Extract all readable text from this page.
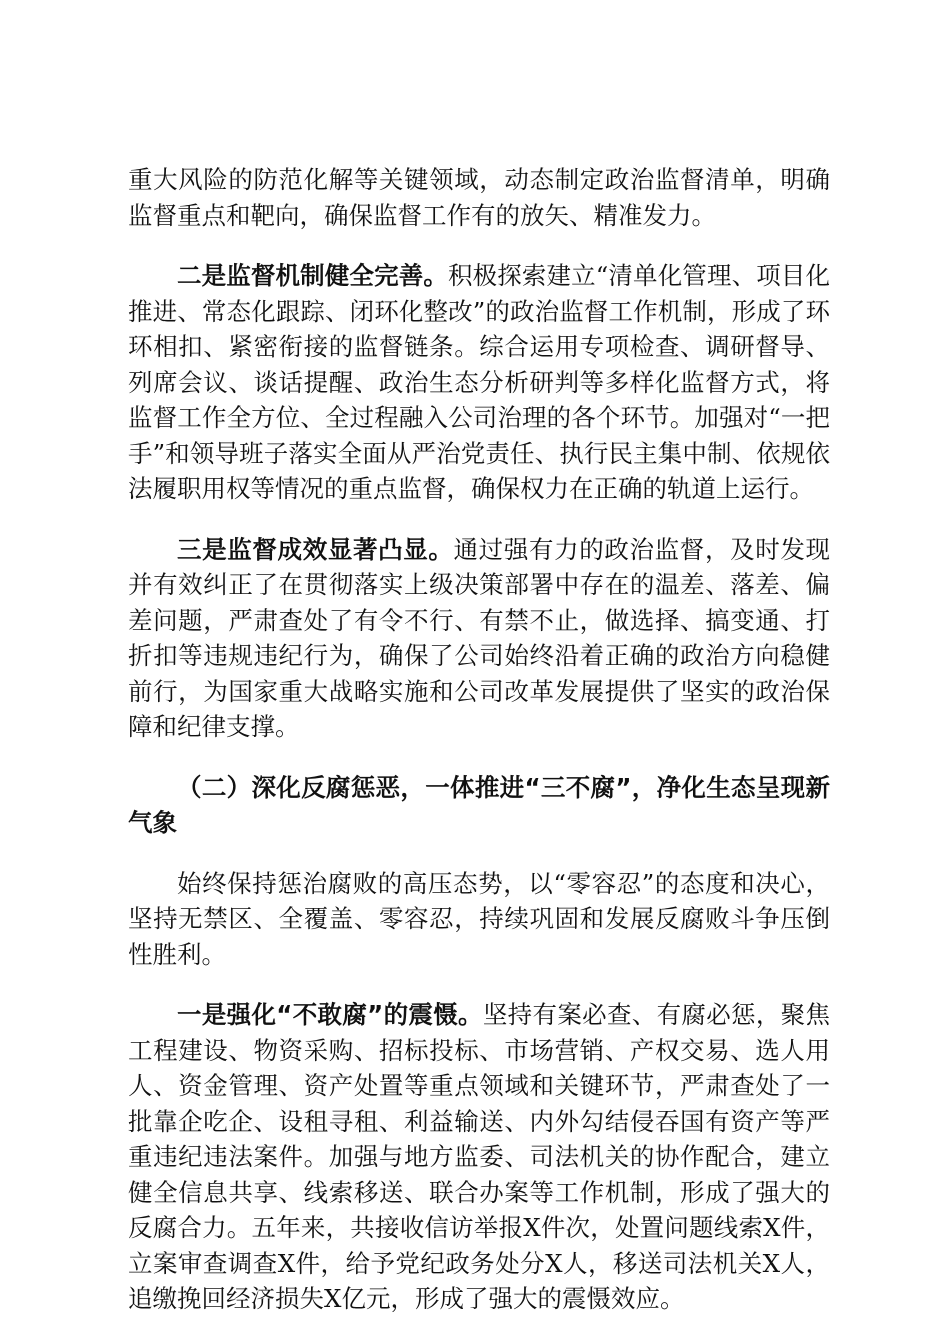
重大风险的防范化解等关键领域，动态制定政治监督清单，明确监督重点和靶向，确保监督工作有的放矢、精准发力。

二是监督机制健全完善。积极探索建立“清单化管理、项目化推进、常态化跟踪、闭环化整改”的政治监督工作机制，形成了环环相扣、紧密衔接的监督链条。综合运用专项检查、调研督导、列席会议、谈话提醒、政治生态分析研判等多样化监督方式，将监督工作全方位、全过程融入公司治理的各个环节。加强对“一把手”和领导班子落实全面从严治党责任、执行民主集中制、依规依法履职用权等情况的重点监督，确保权力在正确的轨道上运行。

三是监督成效显著凸显。通过强有力的政治监督，及时发现并有效纠正了在贯彻落实上级决策部署中存在的温差、落差、偏差问题，严肃查处了有令不行、有禁不止，做选择、搞变通、打折扣等违规违纪行为，确保了公司始终沿着正确的政治方向稳健前行，为国家重大战略实施和公司改革发展提供了坚实的政治保障和纪律支撑。

（二）深化反腐惩恶，一体推进“三不腐”，净化生态呈现新气象

始终保持惩治腐败的高压态势，以“零容忍”的态度和决心，坚持无禁区、全覆盖、零容忍，持续巩固和发展反腐败斗争压倒性胜利。

一是强化“不敢腐”的震慑。坚持有案必查、有腐必惩，聚焦工程建设、物资采购、招标投标、市场营销、产权交易、选人用人、资金管理、资产处置等重点领域和关键环节，严肃查处了一批靠企吃企、设租寻租、利益输送、内外勾结侵吞国有资产等严重违纪违法案件。加强与地方监委、司法机关的协作配合，建立健全信息共享、线索移送、联合办案等工作机制，形成了强大的反腐合力。五年来，共接收信访举报X件次，处置问题线索X件，立案审查调查X件，给予党纪政务处分X人，移送司法机关X人，追缴挽回经济损失X亿元，形成了强大的震慑效应。
